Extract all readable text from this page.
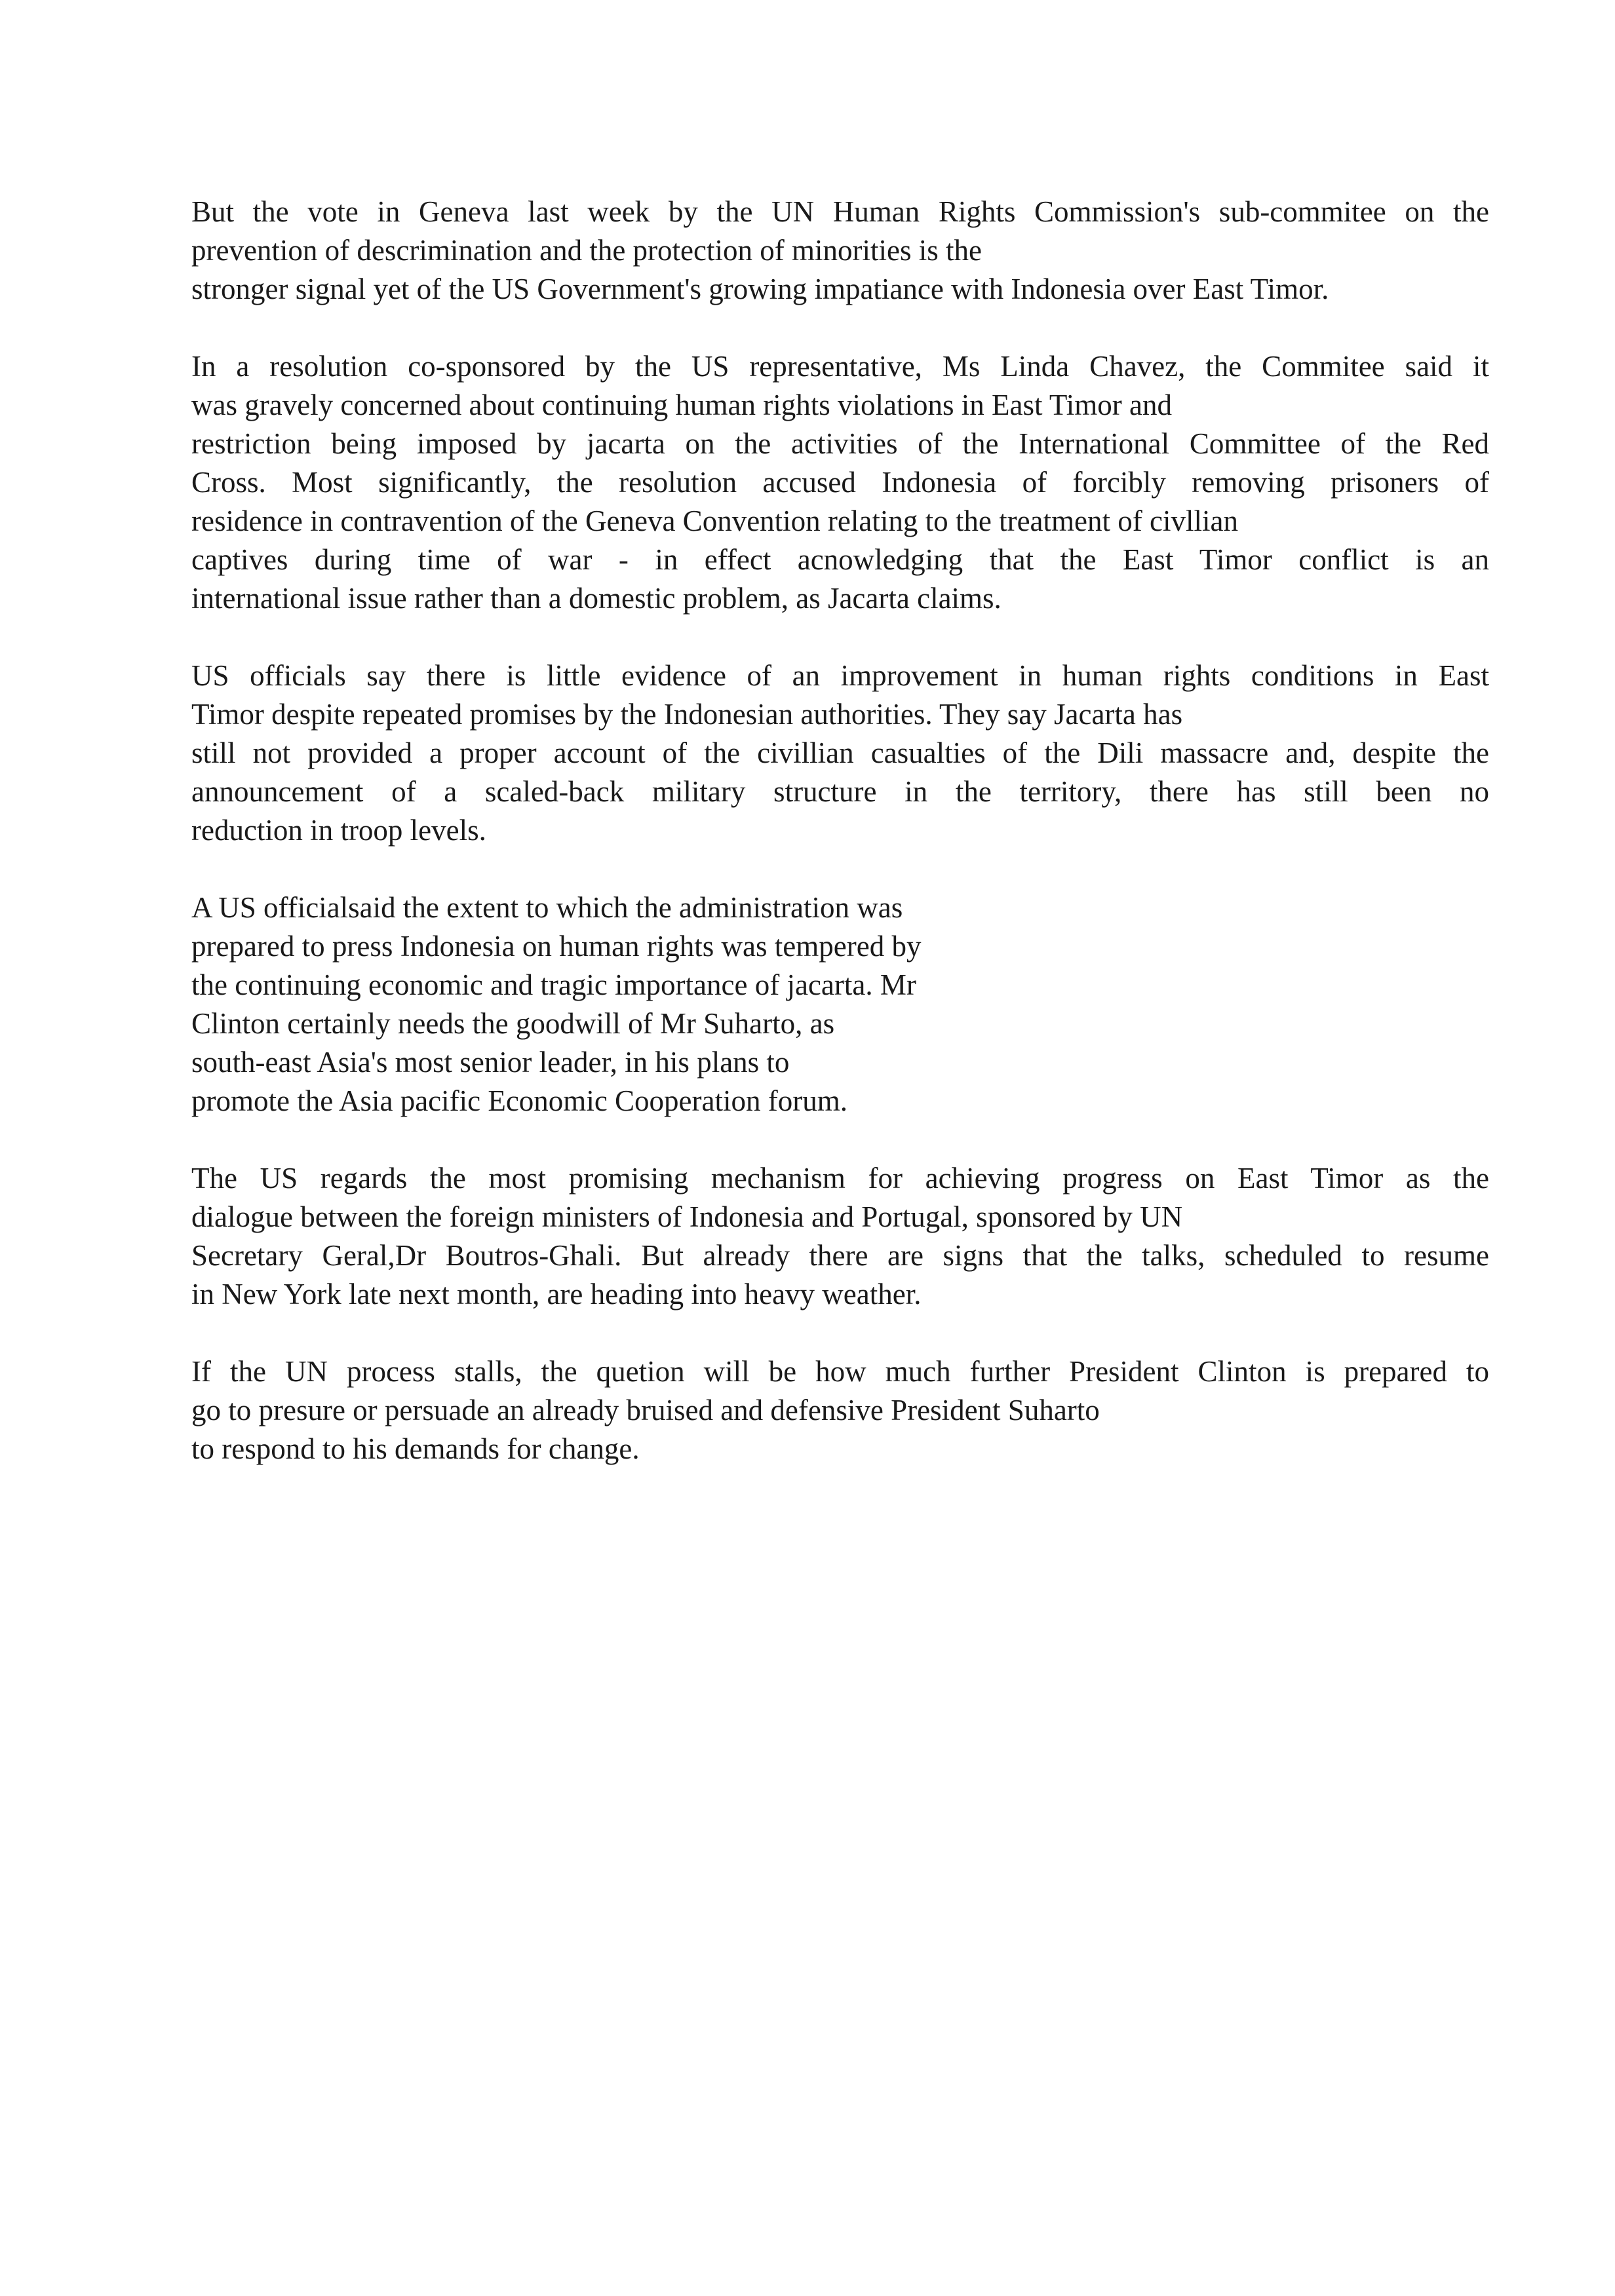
But the vote in Geneva last week by the UN Human Rights Commission's sub-commitee on the
prevention of descrimination and the protection of minorities is the
stronger signal yet of the US Government's growing impatiance with Indonesia over East Timor.
In a resolution co-sponsored by the US representative, Ms Linda Chavez, the Commitee said it
was gravely concerned about continuing human rights violations in East Timor and
restriction being imposed by jacarta on the activities of the International Committee of the Red
Cross. Most significantly, the resolution accused Indonesia of forcibly removing prisoners of
residence in contravention of the Geneva Convention relating to the treatment of civllian
captives during time of war - in effect acnowledging that the East Timor conflict is an
international issue rather than a domestic problem, as Jacarta claims.
US officials say there is little evidence of an improvement in human rights conditions in East
Timor despite repeated promises by the Indonesian authorities. They say Jacarta has
still not provided a proper account of the civillian casualties of the Dili massacre and, despite the
announcement of a scaled-back military structure in the territory, there has still been no
reduction in troop levels.
A US officialsaid the extent to which the administration was
prepared to press Indonesia on human rights was tempered by
the continuing economic and tragic importance of jacarta. Mr
Clinton certainly needs the goodwill of Mr Suharto, as
south-east Asia's most senior leader, in his plans to
promote the Asia pacific Economic Cooperation forum.
The US regards the most promising mechanism for achieving progress on East Timor as the
dialogue between the foreign ministers of Indonesia and Portugal, sponsored by UN
Secretary Geral,Dr Boutros-Ghali. But already there are signs that the talks, scheduled to resume
in New York late next month, are heading into heavy weather.
If the UN process stalls, the quetion will be how much further President Clinton is prepared to
go to presure or persuade an already bruised and defensive President Suharto
to respond to his demands for change.
